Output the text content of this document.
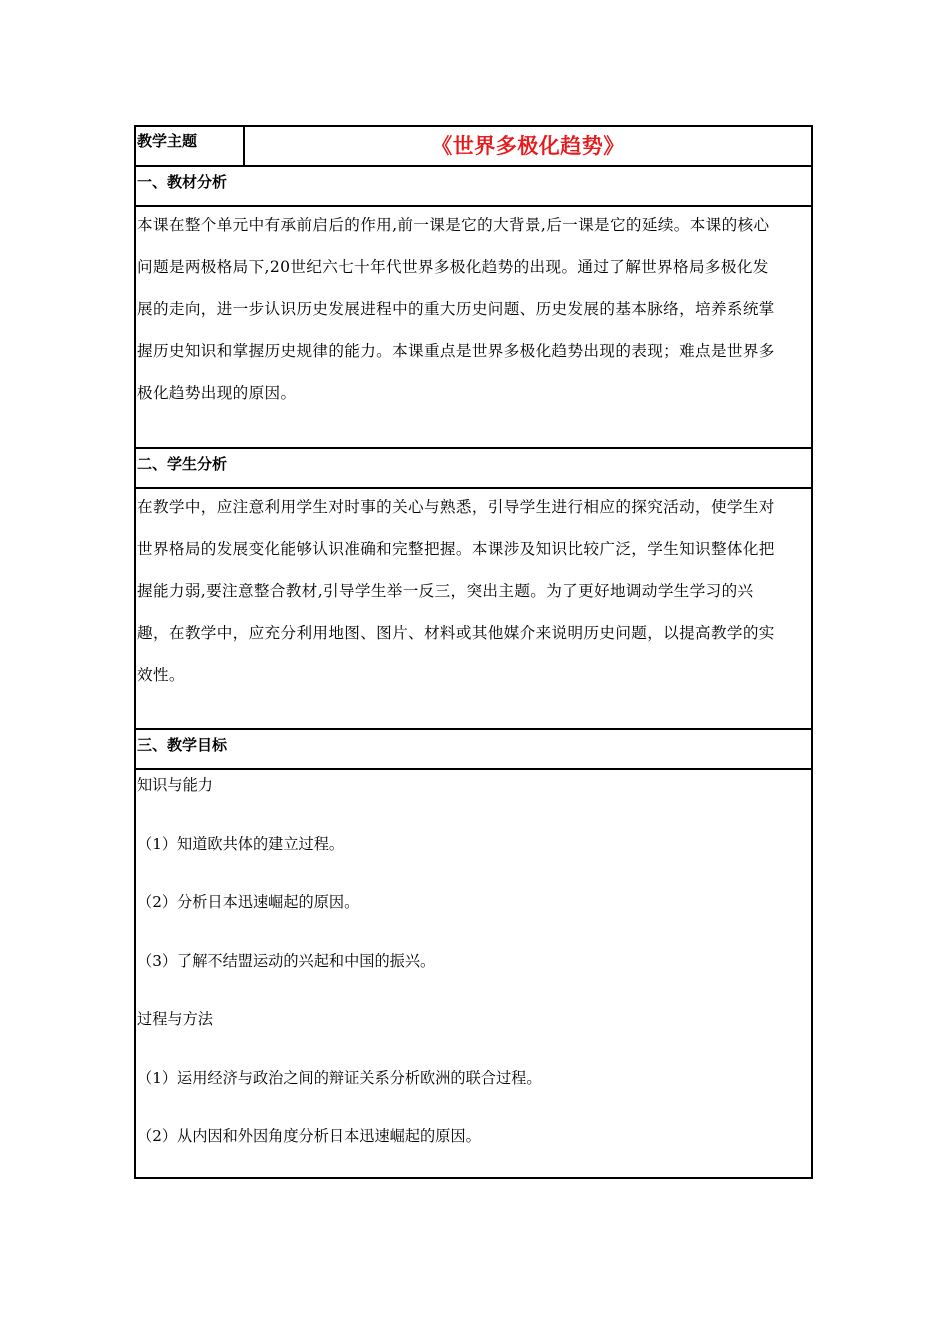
教学主题	《世界多极化趋势》
一、教材分析
本课在整个单元中有承前启后的作用,前一课是它的大背景,后一课是它的延续。本课的核心
问题是两极格局下,20世纪六七十年代世界多极化趋势的出现。通过了解世界格局多极化发
展的走向，进一步认识历史发展进程中的重大历史问题、历史发展的基本脉络，培养系统掌
握历史知识和掌握历史规律的能力。本课重点是世界多极化趋势出现的表现；难点是世界多
极化趋势出现的原因。
二、学生分析
在教学中，应注意利用学生对时事的关心与熟悉，引导学生进行相应的探究活动，使学生对
世界格局的发展变化能够认识准确和完整把握。本课涉及知识比较广泛，学生知识整体化把
握能力弱,要注意整合教材,引导学生举一反三，突出主题。为了更好地调动学生学习的兴
趣，在教学中，应充分利用地图、图片、材料或其他媒介来说明历史问题，以提高教学的实
效性。
三、教学目标
知识与能力
（1）知道欧共体的建立过程。
（2）分析日本迅速崛起的原因。
（3）了解不结盟运动的兴起和中国的振兴。
过程与方法
（1）运用经济与政治之间的辩证关系分析欧洲的联合过程。
（2）从内因和外因角度分析日本迅速崛起的原因。
